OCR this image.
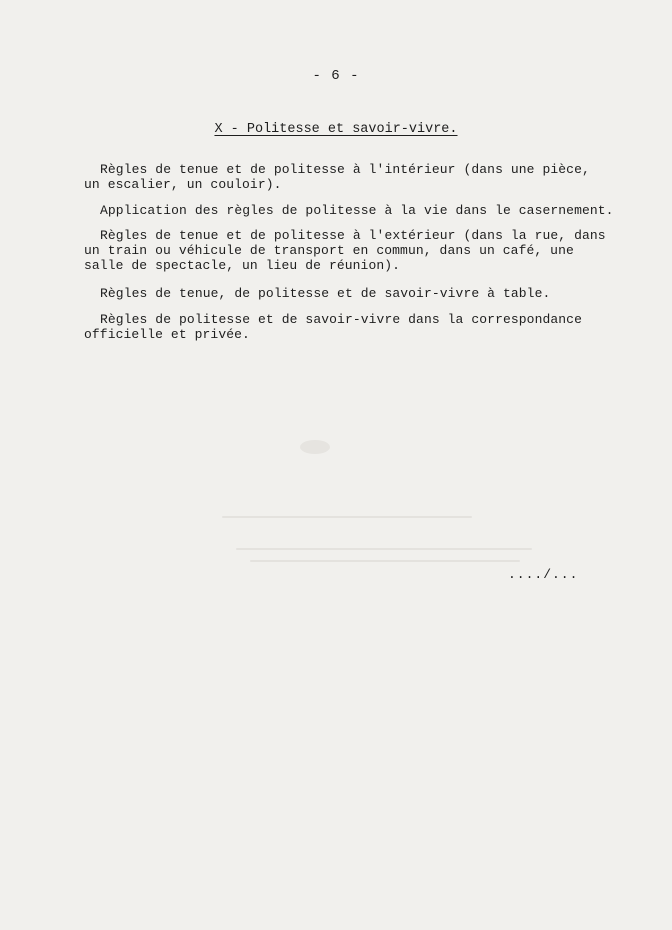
- 6 -
X - Politesse et savoir-vivre.
Règles de tenue et de politesse à l'intérieur (dans une pièce,
un escalier, un couloir).
Application des règles de politesse à la vie dans le casernement.
Règles de tenue et de politesse à l'extérieur (dans la rue, dans
un train ou véhicule de transport en commun, dans un café, une
salle de spectacle, un lieu de réunion).
Règles de tenue, de politesse et de savoir-vivre à table.
Règles de politesse et de savoir-vivre dans la correspondance
officielle et privée.
..../...
